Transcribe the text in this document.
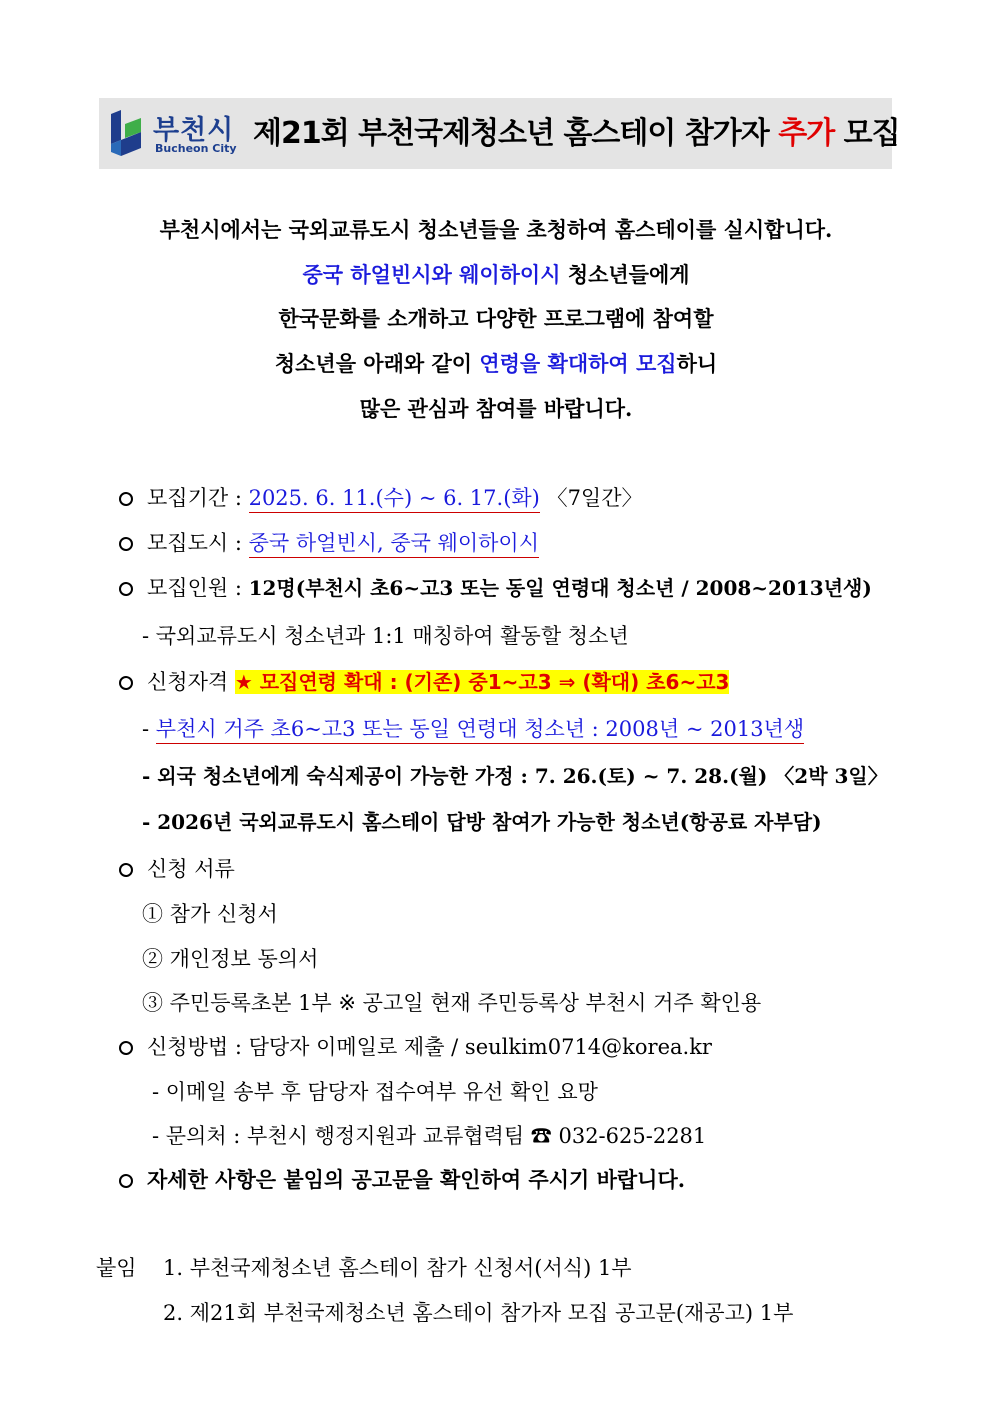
부천시
Bucheon City 제21회 부천국제청소년 홈스테이 참가자 추가 모집
부천시에서는 국외교류도시 청소년들을 초청하여 홈스테이를 실시합니다.
중국 하얼빈시와 웨이하이시 청소년들에게
한국문화를 소개하고 다양한 프로그램에 참여할
청소년을 아래와 같이 연령을 확대하여 모집하니
많은 관심과 참여를 바랍니다.
모집기간 : 2025. 6. 11.(수) ~ 6. 17.(화) 〈7일간〉
모집도시 : 중국 하얼빈시, 중국 웨이하이시
모집인원 : 12명(부천시 초6~고3 또는 동일 연령대 청소년 / 2008~2013년생)
- 국외교류도시 청소년과 1:1 매칭하여 활동할 청소년
신청자격 ★ 모집연령 확대 : (기존) 중1~고3 ⇒ (확대) 초6~고3
- 부천시 거주 초6~고3 또는 동일 연령대 청소년 : 2008년 ~ 2013년생
- 외국 청소년에게 숙식제공이 가능한 가정 : 7. 26.(토) ~ 7. 28.(월) 〈2박 3일〉
- 2026년 국외교류도시 홈스테이 답방 참여가 가능한 청소년(항공료 자부담)
신청 서류
① 참가 신청서
② 개인정보 동의서
③ 주민등록초본 1부 ※ 공고일 현재 주민등록상 부천시 거주 확인용
신청방법 : 담당자 이메일로 제출 / seulkim0714@korea.kr
- 이메일 송부 후 담당자 접수여부 유선 확인 요망
- 문의처 : 부천시 행정지원과 교류협력팀 ☎ 032-625-2281
자세한 사항은 붙임의 공고문을 확인하여 주시기 바랍니다.
붙임 1. 부천국제청소년 홈스테이 참가 신청서(서식) 1부
2. 제21회 부천국제청소년 홈스테이 참가자 모집 공고문(재공고) 1부
